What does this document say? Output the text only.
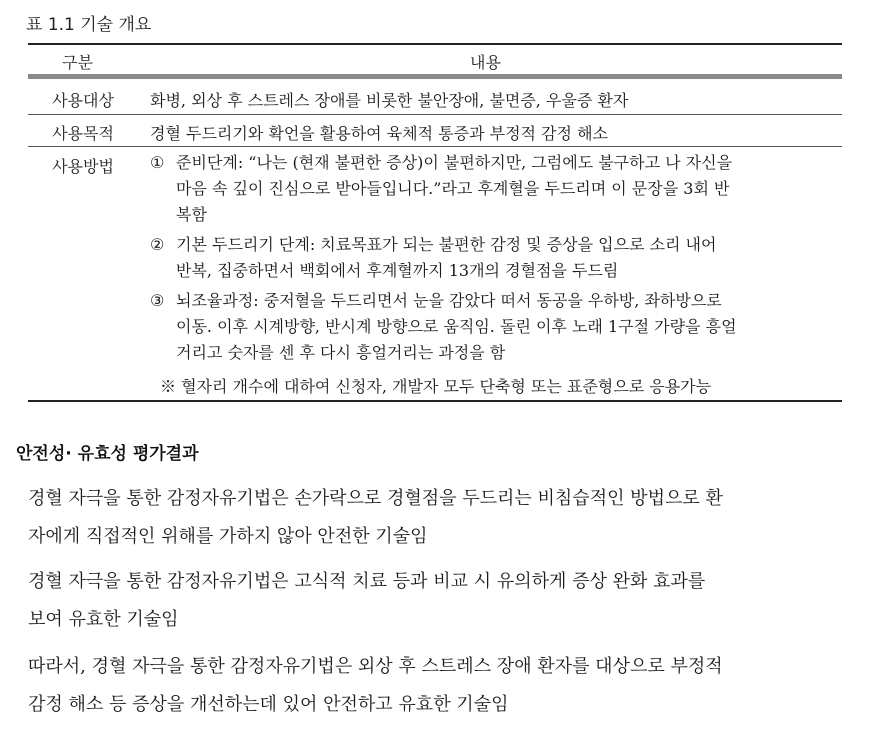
표 1.1 기술 개요
구분	내용
사용대상	화병, 외상 후 스트레스 장애를 비롯한 불안장애, 불면증, 우울증 환자
사용목적	경혈 두드리기와 확언을 활용하여 육체적 통증과 부정적 감정 해소
사용방법	① 준비단계: “나는 (현재 불편한 증상)이 불편하지만, 그럼에도 불구하고 나 자신을
마음 속 깊이 진심으로 받아들입니다.”라고 후계혈을 두드리며 이 문장을 3회 반
복함
② 기본 두드리기 단계: 치료목표가 되는 불편한 감정 및 증상을 입으로 소리 내어
반복, 집중하면서 백회에서 후계혈까지 13개의 경혈점을 두드림
③ 뇌조율과정: 중저혈을 두드리면서 눈을 감았다 떠서 동공을 우하방, 좌하방으로
이동. 이후 시계방향, 반시계 방향으로 움직임. 돌린 이후 노래 1구절 가량을 흥얼
거리고 숫자를 센 후 다시 흥얼거리는 과정을 함
※ 혈자리 개수에 대하여 신청자, 개발자 모두 단축형 또는 표준형으로 응용가능
안전성· 유효성 평가결과
경혈 자극을 통한 감정자유기법은 손가락으로 경혈점을 두드리는 비침습적인 방법으로 환
자에게 직접적인 위해를 가하지 않아 안전한 기술임
경혈 자극을 통한 감정자유기법은 고식적 치료 등과 비교 시 유의하게 증상 완화 효과를
보여 유효한 기술임
따라서, 경혈 자극을 통한 감정자유기법은 외상 후 스트레스 장애 환자를 대상으로 부정적
감정 해소 등 증상을 개선하는데 있어 안전하고 유효한 기술임
